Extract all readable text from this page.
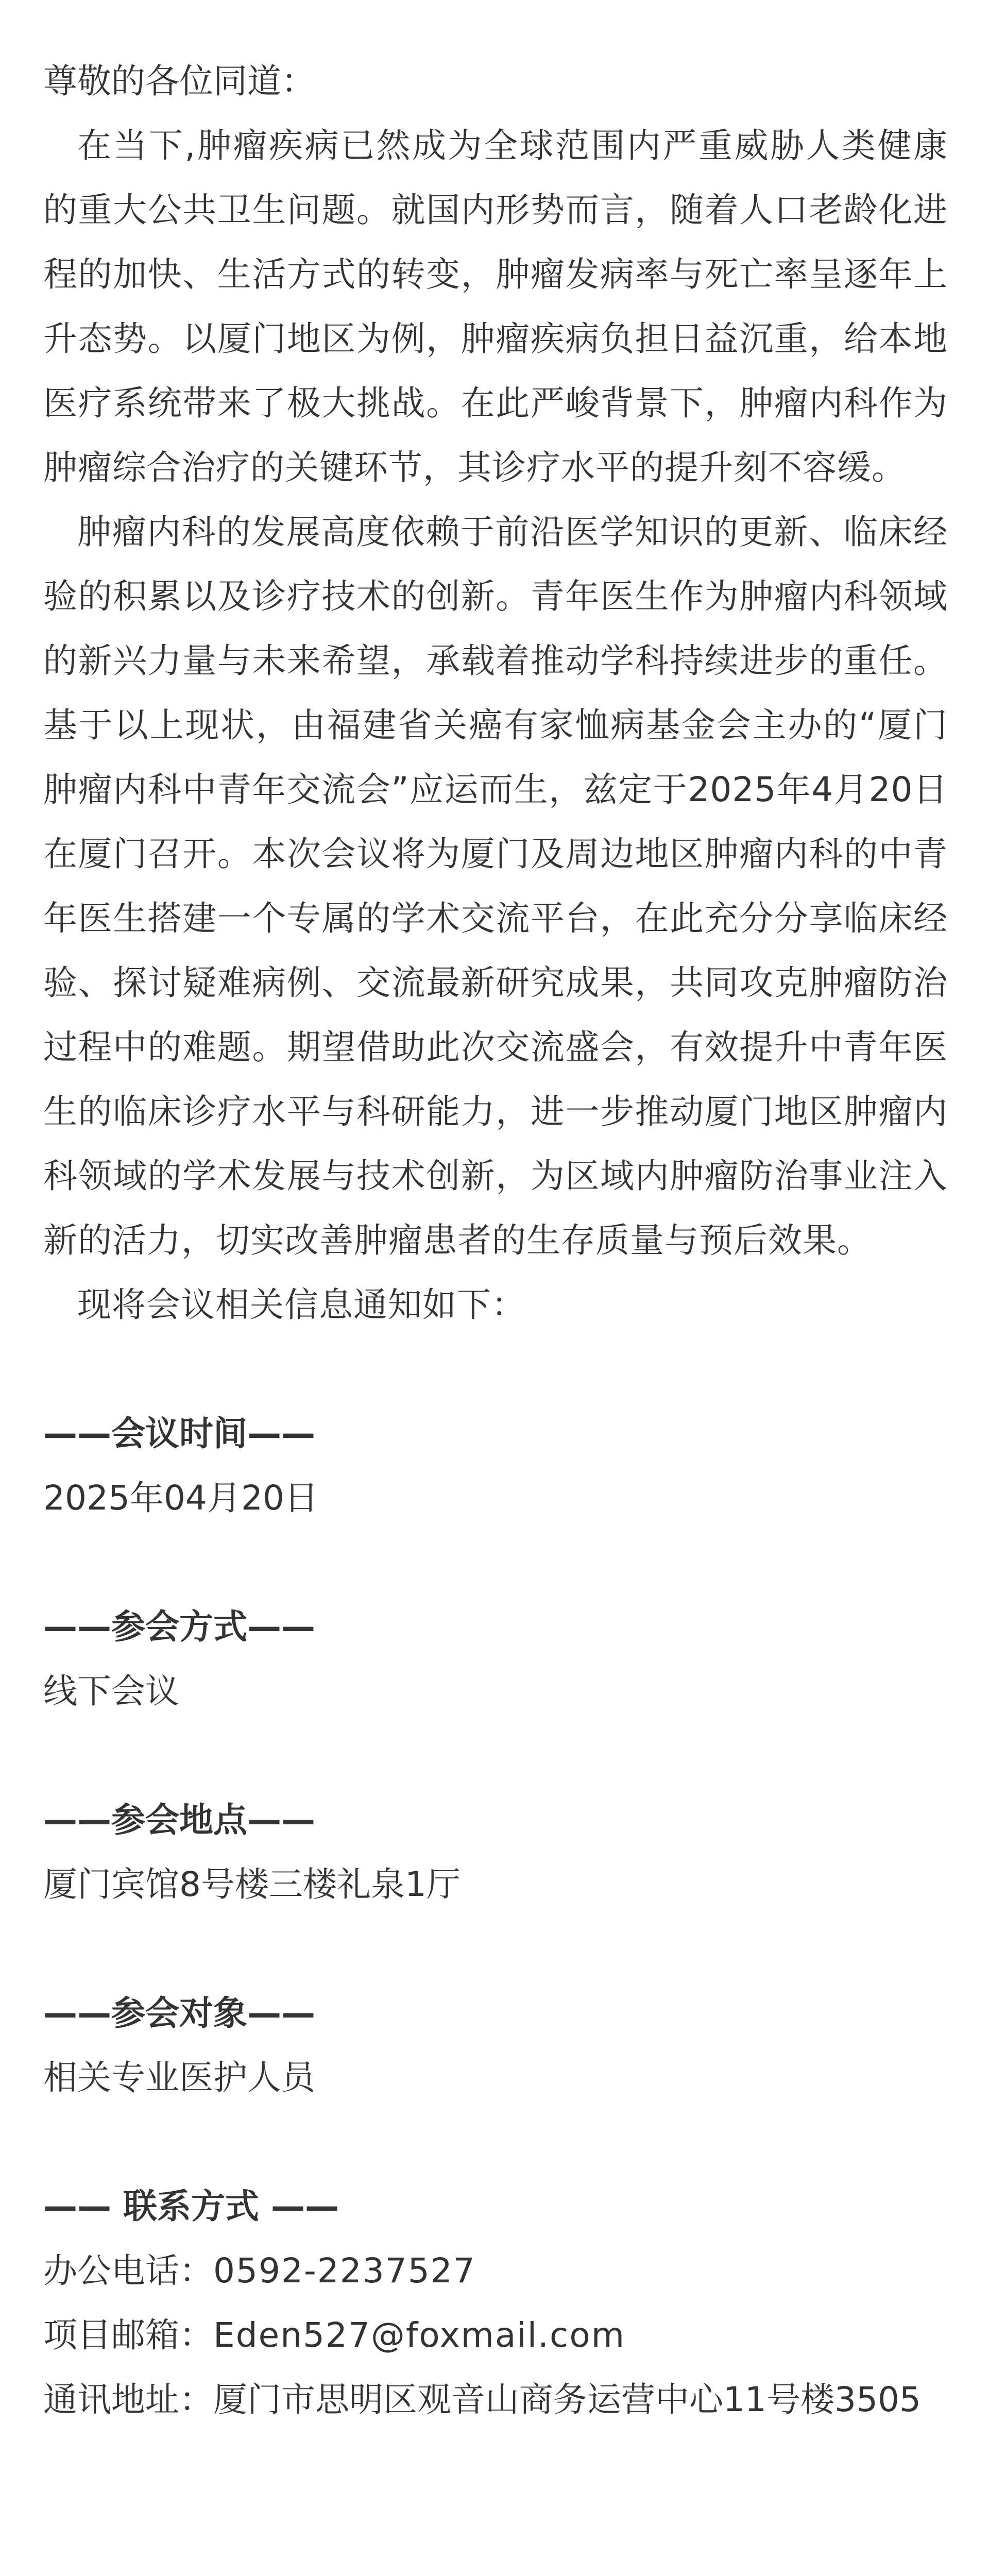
尊敬的各位同道：

在当下,肿瘤疾病已然成为全球范围内严重威胁人类健康的重大公共卫生问题。就国内形势而言，随着人口老龄化进程的加快、生活方式的转变，肿瘤发病率与死亡率呈逐年上升态势。以厦门地区为例，肿瘤疾病负担日益沉重，给本地医疗系统带来了极大挑战。在此严峻背景下，肿瘤内科作为肿瘤综合治疗的关键环节，其诊疗水平的提升刻不容缓。

肿瘤内科的发展高度依赖于前沿医学知识的更新、临床经验的积累以及诊疗技术的创新。青年医生作为肿瘤内科领域的新兴力量与未来希望，承载着推动学科持续进步的重任。基于以上现状，由福建省关癌有家恤病基金会主办的“厦门肿瘤内科中青年交流会”应运而生，兹定于2025年4月20日在厦门召开。本次会议将为厦门及周边地区肿瘤内科的中青年医生搭建一个专属的学术交流平台，在此充分分享临床经验、探讨疑难病例、交流最新研究成果，共同攻克肿瘤防治过程中的难题。期望借助此次交流盛会，有效提升中青年医生的临床诊疗水平与科研能力，进一步推动厦门地区肿瘤内科领域的学术发展与技术创新，为区域内肿瘤防治事业注入新的活力，切实改善肿瘤患者的生存质量与预后效果。

现将会议相关信息通知如下：

——会议时间——

2025年04月20日

——参会方式——

线下会议

——参会地点——

厦门宾馆8号楼三楼礼泉1厅

——参会对象——

相关专业医护人员

—— 联系方式 ——

办公电话：0592-2237527

项目邮箱：Eden527@foxmail.com

通讯地址：厦门市思明区观音山商务运营中心11号楼3505
